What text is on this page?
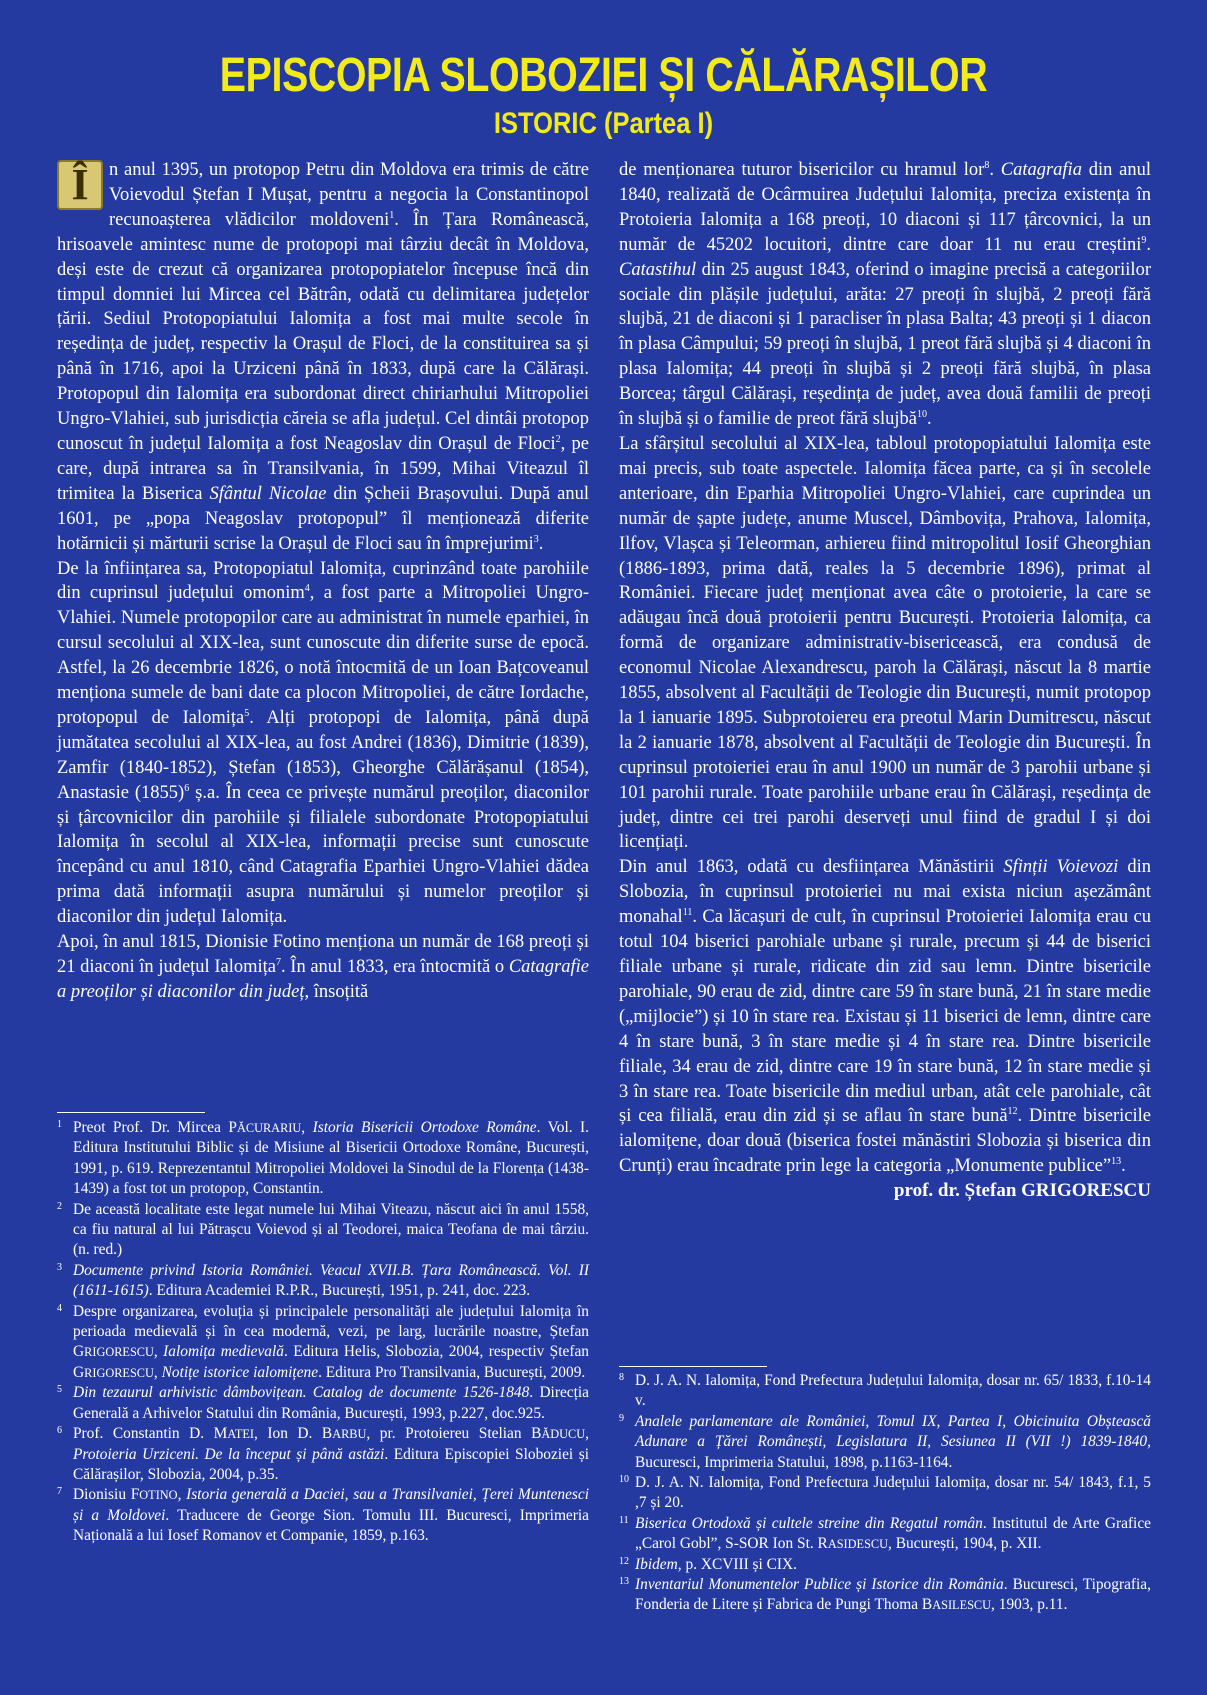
EPISCOPIA SLOBOZIEI ȘI CĂLĂRAȘILOR
ISTORIC (Partea I)

Î	n anul 1395, un protopop Petru din Moldova era trimis de către Voievodul Ștefan I Mușat, pentru a negocia la Constantinopol recunoașterea vlădicilor moldoveni$^1$. În Țara Românească, hrisoavele amintesc nume de protopopi mai târziu decât în Moldova, deși este de crezut că organizarea protopopiatelor începuse încă din timpul domniei lui Mircea cel Bătrân, odată cu delimitarea județelor țării. Sediul Protopopiatului Ialomița a fost mai multe secole în reședința de județ, respectiv la Orașul de Floci, de la constituirea sa și până în 1716, apoi la Urziceni până în 1833, după care la Călărași. Protopopul din Ialomița era subordonat direct chiriarhului Mitropoliei Ungro-Vlahiei, sub jurisdicția căreia se afla județul. Cel dintâi protopop cunoscut în județul Ialomița a fost Neagoslav din Orașul de Floci$^2$, pe care, după intrarea sa în Transilvania, în 1599, Mihai Viteazul îl trimitea la Biserica Sfântul Nicolae din Șcheii Brașovului. După anul 1601, pe „popa Neagoslav protopopul” îl menționează diferite hotărnicii și mărturii scrise la Orașul de Floci sau în împrejurimi$^3$.

De la înființarea sa, Protopopiatul Ialomița, cuprinzând toate parohiile din cuprinsul județului omonim$^4$, a fost parte a Mitropoliei Ungro-Vlahiei. Numele protopopilor care au administrat în numele eparhiei, în cursul secolului al XIX-lea, sunt cunoscute din diferite surse de epocă. Astfel, la 26 decembrie 1826, o notă întocmită de un Ioan Bațcoveanul menționa sumele de bani date ca plocon Mitropoliei, de către Iordache, protopopul de Ialomița$^5$. Alți protopopi de Ialomița, până după jumătatea secolului al XIX-lea, au fost Andrei (1836), Dimitrie (1839), Zamfir (1840-1852), Ștefan (1853), Gheorghe Călărășanul (1854), Anastasie $(1855)^6$ ș.a. În ceea ce privește numărul preoților, diaconilor și țârcovnicilor din parohiile și filialele subordonate Protopopiatului Ialomița în secolul al XIX-lea, informații precise sunt cunoscute începând cu anul 1810, când Catagrafia Eparhiei Ungro-Vlahiei dădea prima dată informații asupra numărului și numelor preoților și diaconilor din județul Ialomița.

Apoi, în anul 1815, Dionisie Fotino menționa un număr de 168 preoți și 21 diaconi în județul Ialomița$^7$. În anul 1833, era întocmită o Catagrafie a preoților și diaconilor din județ, însoțită

de menționarea tuturor bisericilor cu hramul lor$^8$. Catagrafia din anul 1840, realizată de Ocârmuirea Județului Ialomița, preciza existența în Protoieria Ialomița a 168 preoți, 10 diaconi și 117 țârcovnici, la un număr de 45202 locuitori, dintre care doar 11 nu erau creștini$^9$. Catastihul din 25 august 1843, oferind o imagine precisă a categoriilor sociale din plășile județului, arăta: 27 preoți în slujbă, 2 preoți fără slujbă, 21 de diaconi și 1 paracliser în plasa Balta; 43 preoți și 1 diacon în plasa Câmpului; 59 preoți în slujbă, 1 preot fără slujbă și 4 diaconi în plasa Ialomița; 44 preoți în slujbă și 2 preoți fără slujbă, în plasa Borcea; târgul Călărași, reședința de județ, avea două familii de preoți în slujbă și o familie de preot fără slujbă$^{10}$.

La sfârșitul secolului al XIX-lea, tabloul protopopiatului Ialomița este mai precis, sub toate aspectele. Ialomița făcea parte, ca și în secolele anterioare, din Eparhia Mitropoliei Ungro-Vlahiei, care cuprindea un număr de șapte județe, anume Muscel, Dâmbovița, Prahova, Ialomița, Ilfov, Vlașca și Teleorman, arhiereu fiind mitropolitul Iosif Gheorghian (1886-1893, prima dată, reales la 5 decembrie 1896), primat al României. Fiecare județ menționat avea câte o protoierie, la care se adăugau încă două protoierii pentru București. Protoieria Ialomița, ca formă de organizare administrativ-bisericească, era condusă de economul Nicolae Alexandrescu, paroh la Călărași, născut la 8 martie 1855, absolvent al Facultății de Teologie din București, numit protopop la 1 ianuarie 1895. Subprotoiereu era preotul Marin Dumitrescu, născut la 2 ianuarie 1878, absolvent al Facultății de Teologie din București. În cuprinsul protoieriei erau în anul 1900 un număr de 3 parohii urbane și 101 parohii rurale. Toate parohiile urbane erau în Călărași, reședința de județ, dintre cei trei parohi deserveți unul fiind de gradul I și doi licențiați.

Din anul 1863, odată cu desființarea Mănăstirii Sfinții Voievozi din Slobozia, în cuprinsul protoieriei nu mai exista niciun așezământ monahal$^{11}$. Ca lăcașuri de cult, în cuprinsul Protoieriei Ialomița erau cu totul 104 biserici parohiale urbane și rurale, precum și 44 de biserici filiale urbane și rurale, ridicate din zid sau lemn. Dintre bisericile parohiale, 90 erau de zid, dintre care 59 în stare bună, 21 în stare medie („mijlocie”) și 10 în stare rea. Existau și 11 biserici de lemn, dintre care 4 în stare bună, 3 în stare medie și 4 în stare rea. Dintre bisericile filiale, 34 erau de zid, dintre care 19 în stare bună, 12 în stare medie și 3 în stare rea. Toate bisericile din mediul urban, atât cele parohiale, cât și cea filială, erau din zid și se aflau în stare bună$^{12}$. Dintre bisericile ialomițene, doar două (biserica fostei mănăstiri Slobozia și biserica din Crunți) erau încadrate prin lege la categoria „Monumente publice”$^{13}$.

prof. dr. Ștefan GRIGORESCU

1 Preot Prof. Dr. Mircea PĂCURARIU, Istoria Bisericii Ortodoxe Române. Vol. I. Editura Institutului Biblic și de Misiune al Bisericii Ortodoxe Române, București, 1991, p. 619. Reprezentantul Mitropoliei Moldovei la Sinodul de la Florența (1438-1439) a fost tot un protopop, Constantin.
2 De această localitate este legat numele lui Mihai Viteazu, născut aici în anul 1558, ca fiu natural al lui Pătrașcu Voievod și al Teodorei, maica Teofana de mai târziu. (n. red.)
3 Documente privind Istoria României. Veacul XVII.B. Țara Românească. Vol. II (1611-1615). Editura Academiei R.P.R., București, 1951, p. 241, doc. 223.
4 Despre organizarea, evoluția și principalele personalități ale județului Ialomița în perioada medievală și în cea modernă, vezi, pe larg, lucrările noastre, Ștefan GRIGORESCU, Ialomița medievală. Editura Helis, Slobozia, 2004, respectiv Ștefan GRIGORESCU, Notițe istorice ialomițene. Editura Pro Transilvania, București, 2009.
5 Din tezaurul arhivistic dâmbovițean. Catalog de documente 1526-1848. Direcția Generală a Arhivelor Statului din România, București, 1993, p.227, doc.925.
6 Prof. Constantin D. MATEI, Ion D. BARBU, pr. Protoiereu Stelian BĂDUCU, Protoieria Urziceni. De la început și până astăzi. Editura Episcopiei Sloboziei și Călărașilor, Slobozia, 2004, p.35.
7 Dionisiu FOTINO, Istoria generală a Daciei, sau a Transilvaniei, Țerei Muntenesci și a Moldovei. Traducere de George Sion. Tomulu III. Bucuresci, Imprimeria Națională a lui Iosef Romanov et Companie, 1859, p.163.
8 D. J. A. N. Ialomița, Fond Prefectura Județului Ialomița, dosar nr. 65/ 1833, f.10-14 v.
9 Analele parlamentare ale României, Tomul IX, Partea I, Obicinuita Obștească Adunare a Țărei Românești, Legislatura II, Sesiunea II (VII !) 1839-1840, Bucuresci, Imprimeria Statului, 1898, p.1163-1164.
10 D. J. A. N. Ialomița, Fond Prefectura Județului Ialomița, dosar nr. 54/ 1843, f.1, 5 ,7 și 20.
11 Biserica Ortodoxă și cultele streine din Regatul român. Institutul de Arte Grafice „Carol Gobl”, S-SOR Ion St. RASIDESCU, București, 1904, p. XII.
12 Ibidem, p. XCVIII și CIX.
13 Inventariul Monumentelor Publice și Istorice din România. Bucuresci, Tipografia, Fonderia de Litere și Fabrica de Pungi Thoma BASILESCU, 1903, p.11.
